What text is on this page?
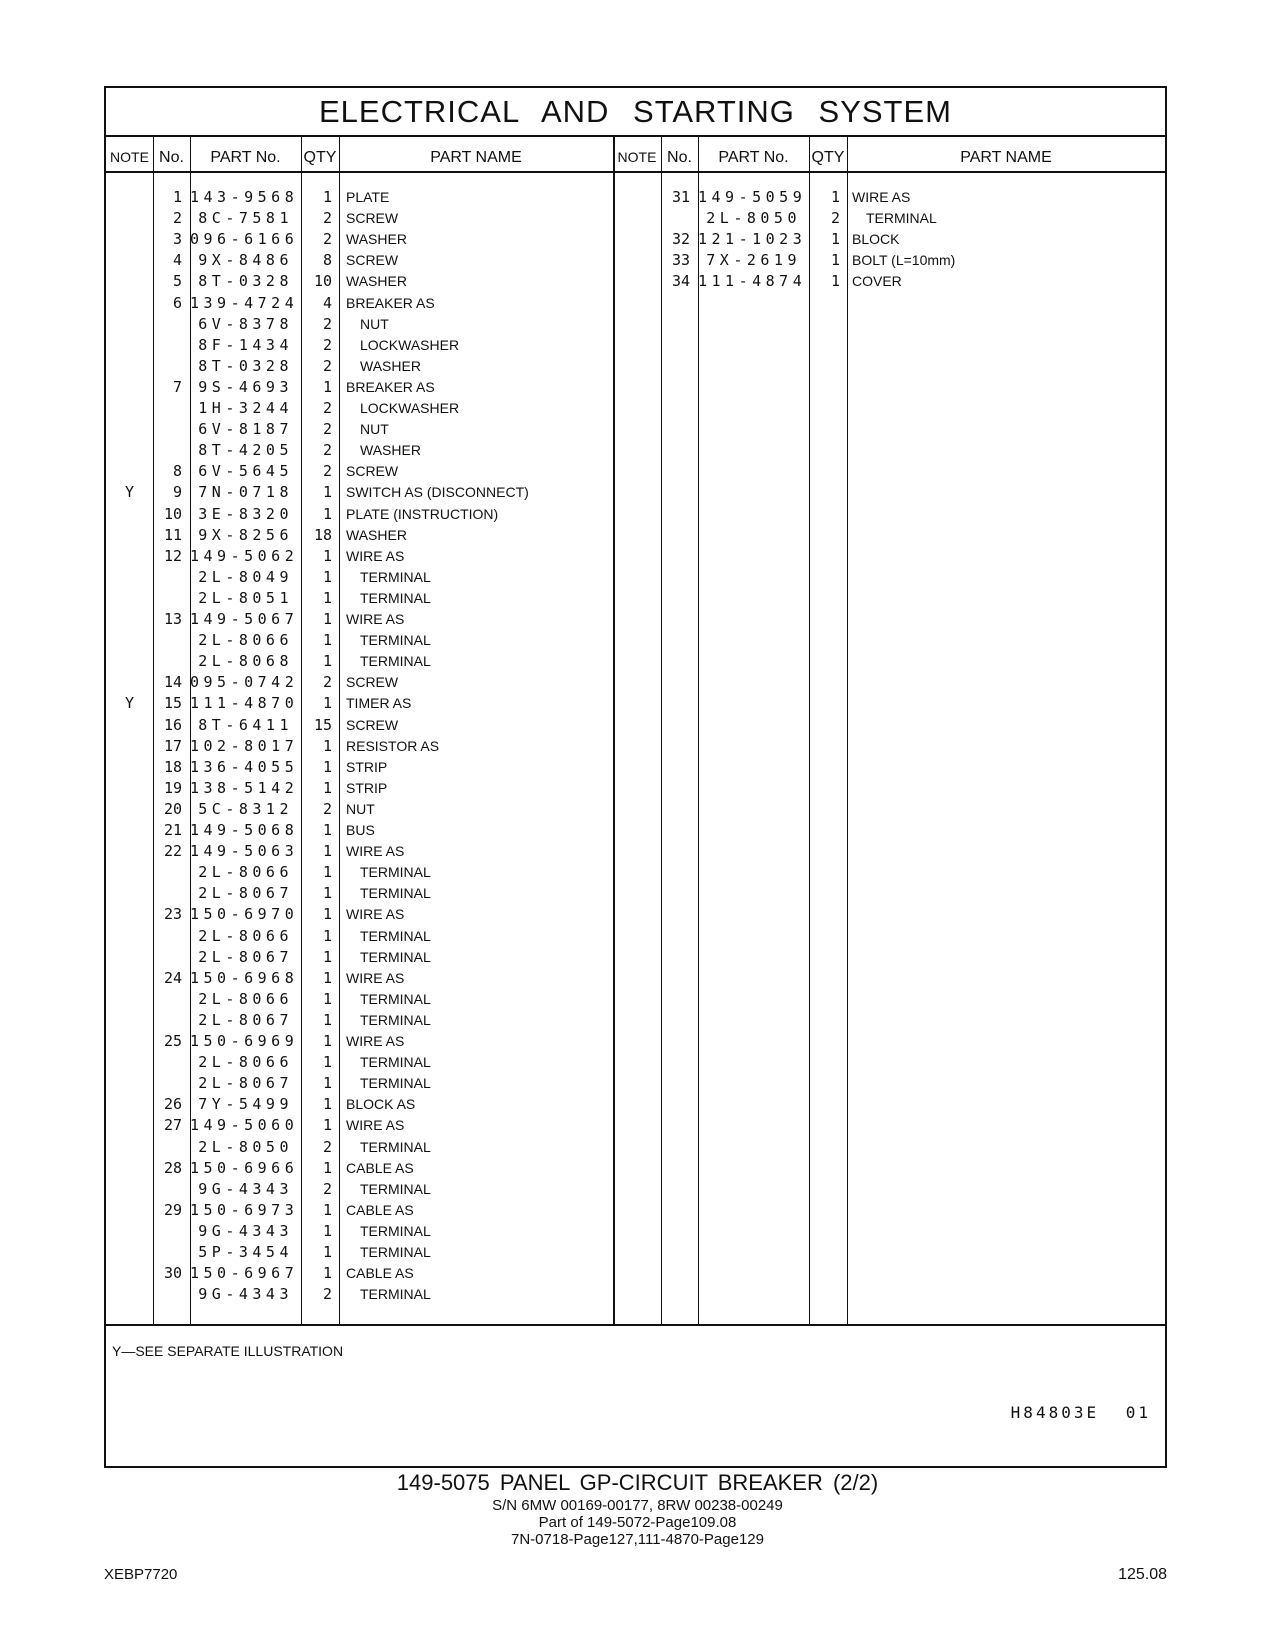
ELECTRICAL AND STARTING SYSTEM
NOTE No.	PART No.	QTY	PART NAME	NOTE No.	PART No.	QTY	PART NAME
1 143-9568	1 PLATE
2	8C-7581	2 SCREW
3 096-6166	2 WASHER
4	9X-8486	8 SCREW
5	8T-0328	10 WASHER
6 139-4724	4 BREAKER AS
6V-8378	2	NUT
8F-1434	2	LOCKWASHER
8T-0328	2	WASHER
7	9S-4693	1 BREAKER AS
1H-3244	2	LOCKWASHER
6V-8187	2	NUT
8T-4205	2	WASHER
8	6V-5645	2 SCREW
Y	9	7N-0718	1 SWITCH AS (DISCONNECT)
10	3E-8320	1 PLATE (INSTRUCTION)
11	9X-8256	18 WASHER
12 149-5062	1 WIRE AS
2L-8049	1	TERMINAL
2L-8051	1	TERMINAL
13 149-5067	1 WIRE AS
2L-8066	1	TERMINAL
2L-8068	1	TERMINAL
14 095-0742	2 SCREW
Y	15 111-4870	1 TIMER AS
16	8T-6411	15 SCREW
17 102-8017	1 RESISTOR AS
18 136-4055	1 STRIP
19 138-5142	1 STRIP
20	5C-8312	2 NUT
21 149-5068	1 BUS
22 149-5063	1 WIRE AS
2L-8066	1	TERMINAL
2L-8067	1	TERMINAL
23 150-6970	1 WIRE AS
2L-8066	1	TERMINAL
2L-8067	1	TERMINAL
24 150-6968	1 WIRE AS
2L-8066	1	TERMINAL
2L-8067	1	TERMINAL
25 150-6969	1 WIRE AS
2L-8066	1	TERMINAL
2L-8067	1	TERMINAL
26	7Y-5499	1 BLOCK AS
27 149-5060	1 WIRE AS
2L-8050	2	TERMINAL
28 150-6966	1 CABLE AS
9G-4343	2	TERMINAL
29 150-6973	1 CABLE AS
9G-4343	1	TERMINAL
5P-3454	1	TERMINAL
30 150-6967	1 CABLE AS
9G-4343	2	TERMINAL
31 149-5059	1 WIRE AS
2L-8050	2	TERMINAL
32 121-1023	1 BLOCK
33	7X-2619	1 BOLT (L=10mm)
34 111-4874	1 COVER
Y—SEE SEPARATE ILLUSTRATION
H84803E 01
149-5075 PANEL GP-CIRCUIT BREAKER (2/2)
S/N 6MW 00169-00177, 8RW 00238-00249
Part of 149-5072-Page109.08
7N-0718-Page127,111-4870-Page129
XEBP7720	125.08
